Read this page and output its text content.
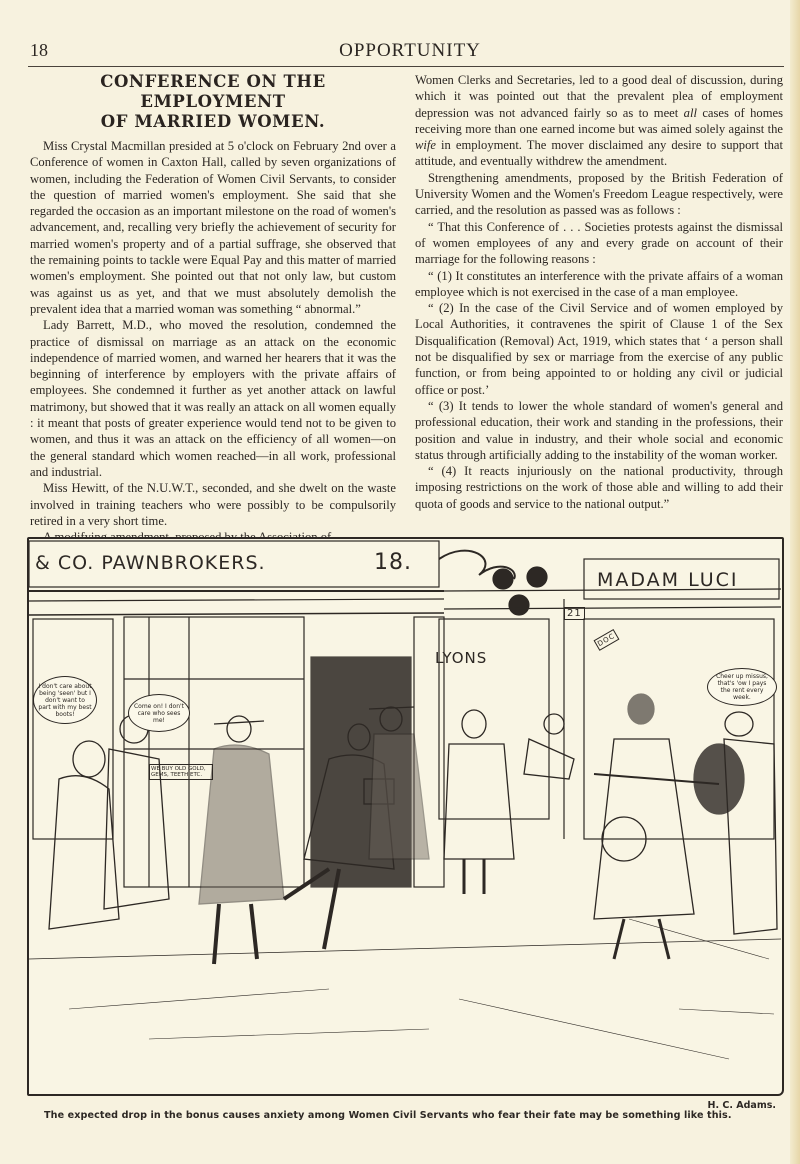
18	OPPORTUNITY
CONFERENCE ON THE EMPLOYMENT
OF MARRIED WOMEN.

Miss Crystal Macmillan presided at 5 o'clock on February 2nd over a Conference of women in Caxton Hall, called by seven organizations of women, including the Federation of Women Civil Servants, to consider the question of married women's employment. She said that she regarded the occasion as an important milestone on the road of women's advancement, and, recalling very briefly the achievement of security for married women's property and of a partial suffrage, she observed that the remaining points to tackle were Equal Pay and this matter of married women's employment. She pointed out that not only law, but custom was against us as yet, and that we must absolutely demolish the prevalent idea that a married woman was something “ abnormal.”

Lady Barrett, M.D., who moved the resolution, condemned the practice of dismissal on marriage as an attack on the economic independence of married women, and warned her hearers that it was the beginning of interference by employers with the private affairs of employees. She condemned it further as yet another attack on lawful matrimony, but showed that it was really an attack on all women equally : it meant that posts of greater experience would tend not to be given to women, and thus it was an attack on the efficiency of all women—on the general standard which women reached—in all work, professional and industrial.

Miss Hewitt, of the N.U.W.T., seconded, and she dwelt on the waste involved in training teachers who were possibly to be compulsorily retired in a very short time.

Women Clerks and Secretaries, led to a good deal of discussion, during which it was pointed out that the prevalent plea of employment depression was not advanced fairly so as to meet all cases of homes receiving more than one earned income but was aimed solely against the wife in employment. The mover disclaimed any desire to support that attitude, and eventually withdrew the amendment.

Strengthening amendments, proposed by the British Federation of University Women and the Women's Freedom League respectively, were carried, and the resolution as passed was as follows :

“ That this Conference of . . . Societies protests against the dismissal of women employees of any and every grade on account of their marriage for the following reasons :

“ (1) It constitutes an interference with the private affairs of a woman employee which is not exercised in the case of a man employee.

“ (2) In the case of the Civil Service and of women employed by Local Authorities, it contravenes the spirit of Clause 1 of the Sex Disqualification (Removal) Act, 1919, which states that ‘ a person shall not be disqualified by sex or marriage from the exercise of any public function, or from being appointed to or holding any civil or judicial office or post.’

“ (3) It tends to lower the whole standard of women's general and professional education, their work and standing in the professions, their position and value in industry, and their whole social and economic status through artificially adding to the instability of the woman worker.

“ (4) It reacts injuriously on the national productivity, through imposing restrictions on the work of those able and willing to add their quota of goods and service to the national output.”

& CO. PAWNBROKERS.	18.
MADAM LUCI
21
LYONS
DOC
WE BUY OLD GOLD, GEMS, TEETH ETC.
I don't care about being 'seen' but I don't want to part with my best boots!
Come on! I don't care who sees me!
Cheer up missus, that's 'ow I pays the rent every week.
H. C. Adams.
The expected drop in the bonus causes anxiety among Women Civil Servants who fear their fate may be something like this.
